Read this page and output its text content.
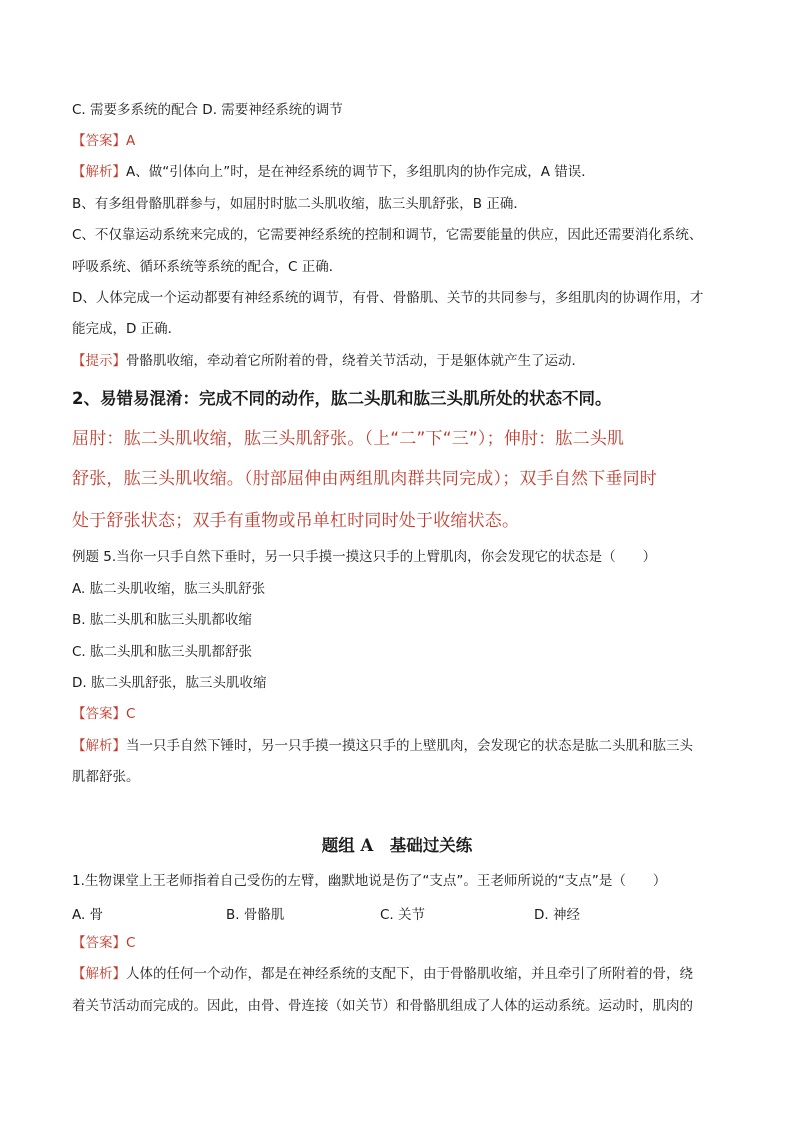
C. 需要多系统的配合 D. 需要神经系统的调节
【答案】A
【解析】A、做“引体向上”时，是在神经系统的调节下，多组肌肉的协作完成，A 错误．
B、有多组骨骼肌群参与，如屈肘时肱二头肌收缩，肱三头肌舒张，B 正确．
C、不仅靠运动系统来完成的，它需要神经系统的控制和调节，它需要能量的供应，因此还需要消化系统、
呼吸系统、循环系统等系统的配合，C 正确．
D、人体完成一个运动都要有神经系统的调节，有骨、骨骼肌、关节的共同参与，多组肌肉的协调作用，才
能完成，D 正确．
【提示】骨骼肌收缩，牵动着它所附着的骨，绕着关节活动，于是躯体就产生了运动．
2、易错易混淆：完成不同的动作，肱二头肌和肱三头肌所处的状态不同。
屈肘：肱二头肌收缩，肱三头肌舒张。（上“二”下“三”）；伸肘：肱二头肌
舒张，肱三头肌收缩。（肘部屈伸由两组肌肉群共同完成）；双手自然下垂同时
处于舒张状态；双手有重物或吊单杠时同时处于收缩状态。
例题 5.当你一只手自然下垂时，另一只手摸一摸这只手的上臂肌肉，你会发现它的状态是（　　）
A. 肱二头肌收缩，肱三头肌舒张
B. 肱二头肌和肱三头肌都收缩
C. 肱二头肌和肱三头肌都舒张
D. 肱二头肌舒张，肱三头肌收缩
【答案】C
【解析】当一只手自然下锤时，另一只手摸一摸这只手的上壁肌肉，会发现它的状态是肱二头肌和肱三头
肌都舒张。
题组 A　基础过关练
1.生物课堂上王老师指着自己受伤的左臂，幽默地说是伤了“支点”。王老师所说的“支点”是（　　）
A. 骨	B. 骨骼肌	C. 关节	D. 神经
【答案】C
【解析】人体的任何一个动作，都是在神经系统的支配下，由于骨骼肌收缩，并且牵引了所附着的骨，绕
着关节活动而完成的。因此，由骨、骨连接（如关节）和骨骼肌组成了人体的运动系统。运动时，肌肉的
